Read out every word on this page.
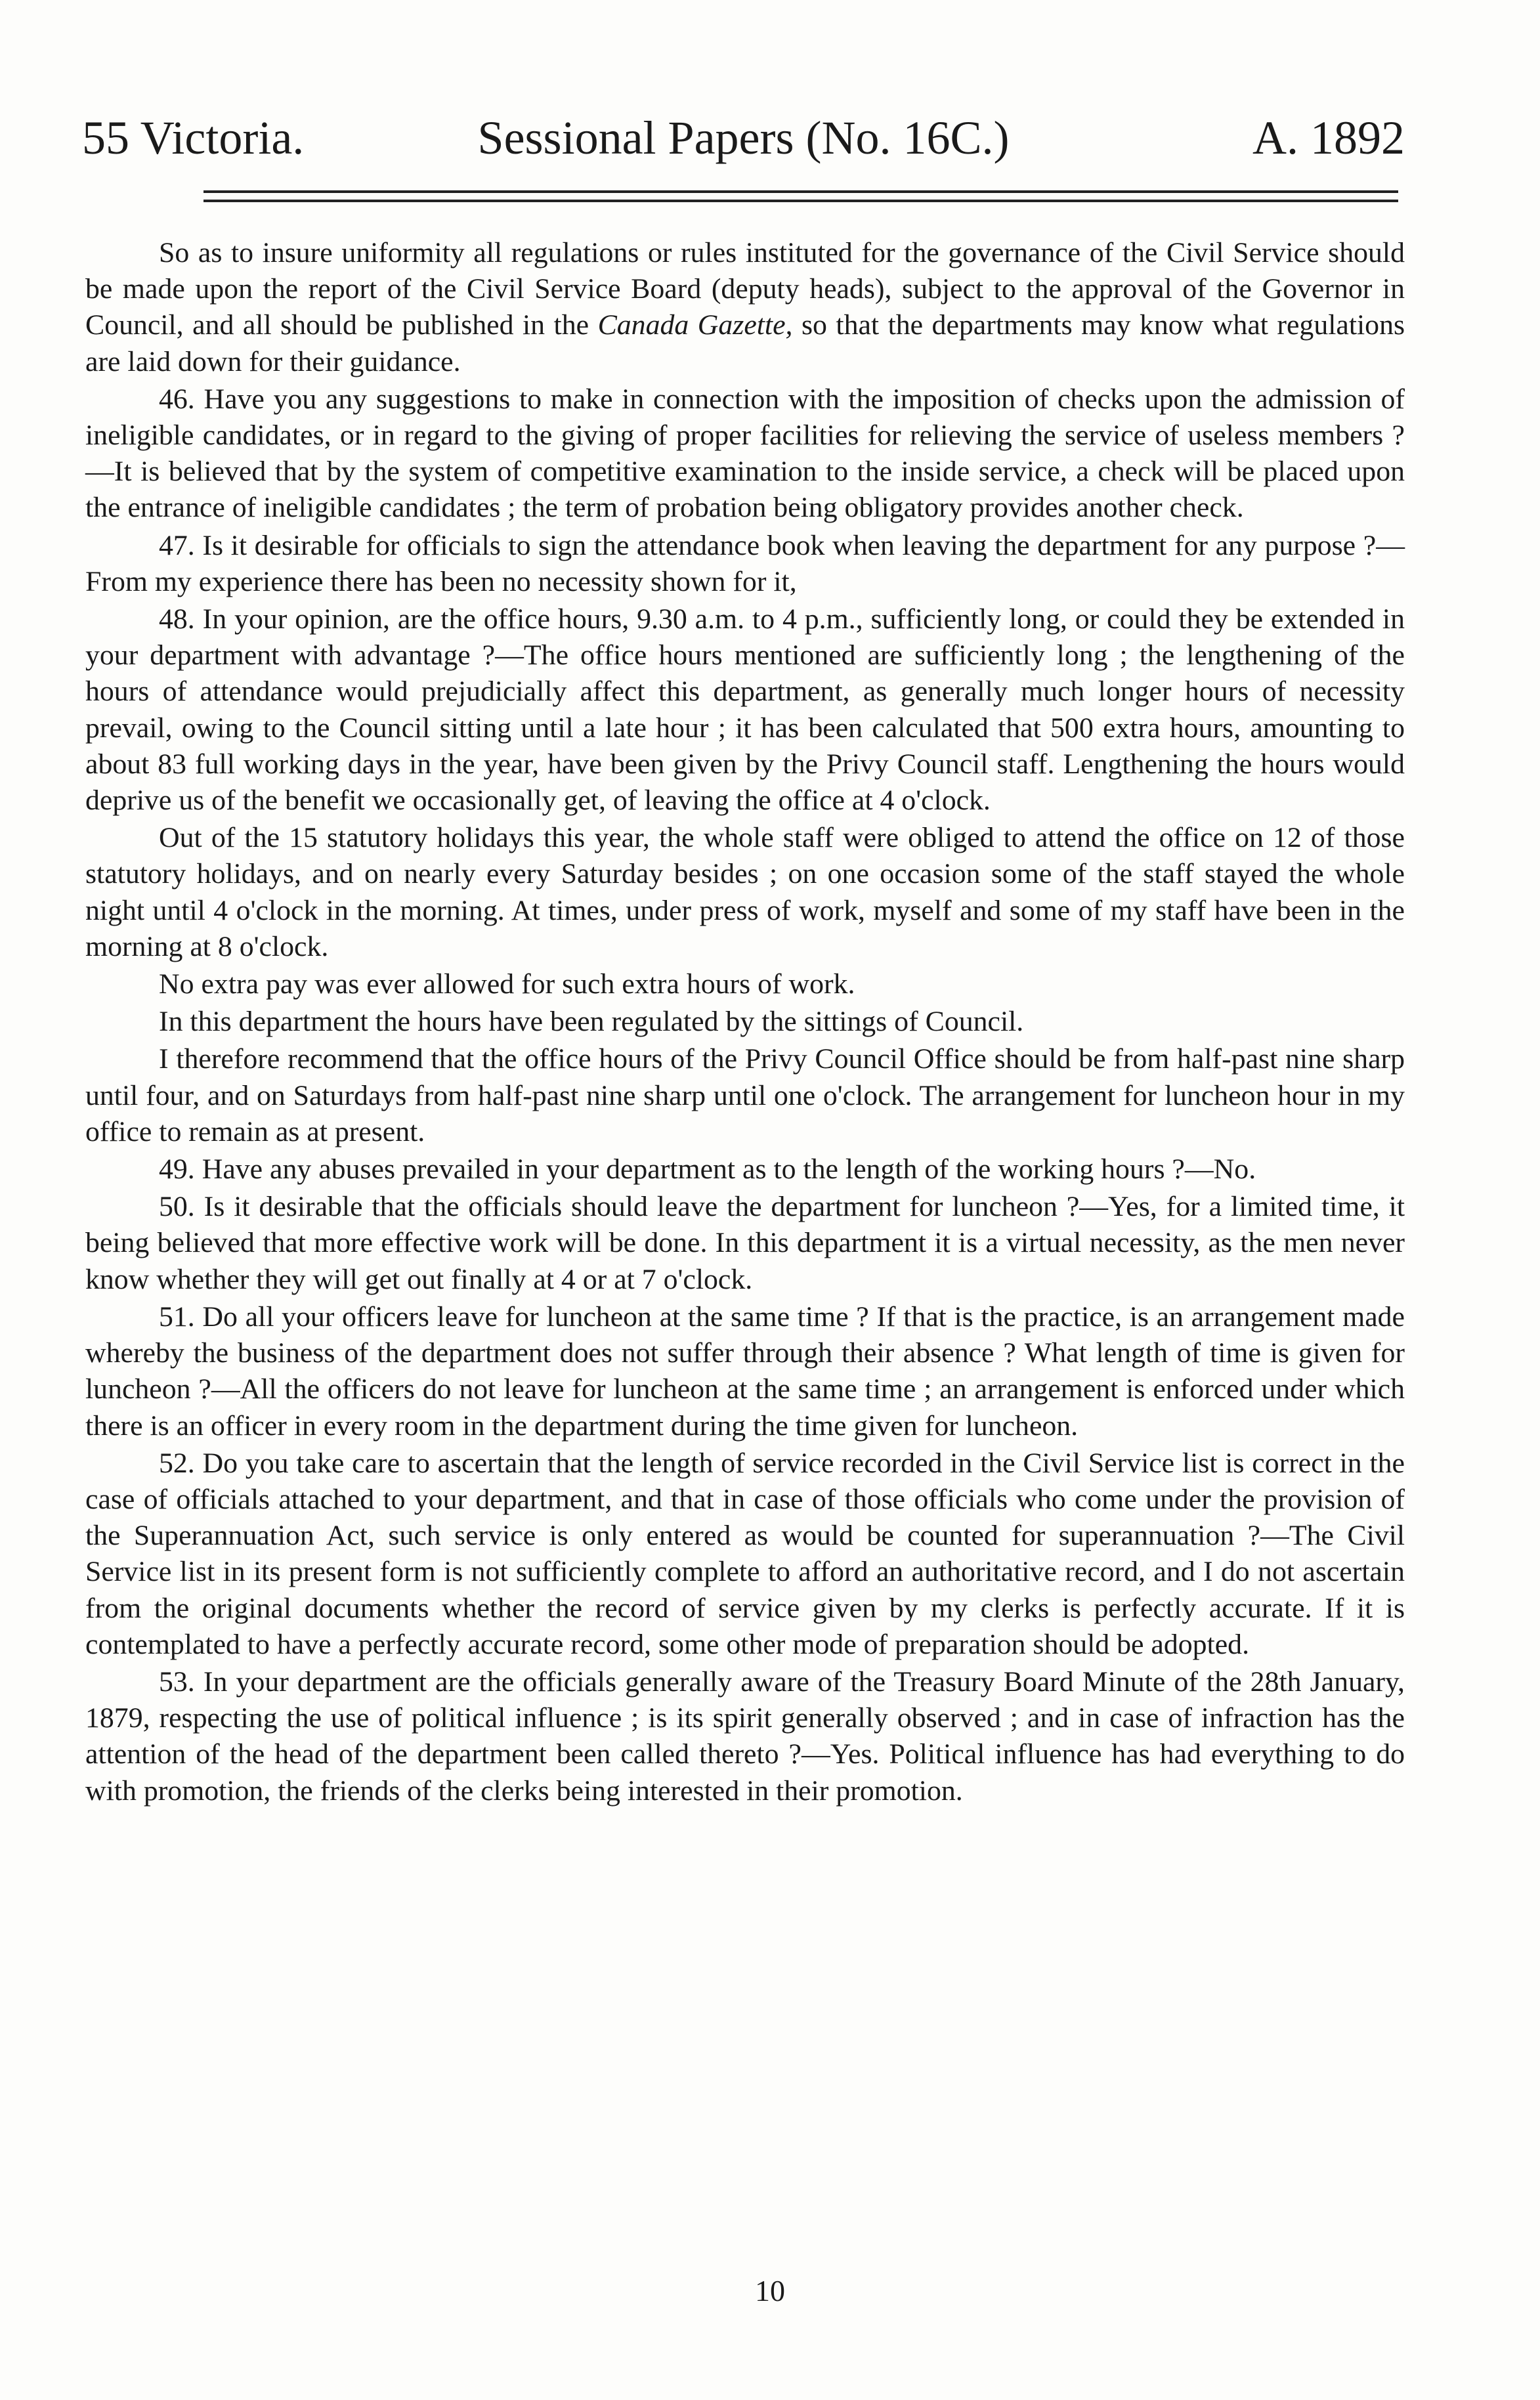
Sessional Papers (No. 16C.)
55 Victoria.	A. 1892

So as to insure uniformity all regulations or rules instituted for the governance of the Civil Service should be made upon the report of the Civil Service Board (deputy heads), subject to the approval of the Governor in Council, and all should be published in the Canada Gazette, so that the departments may know what regulations are laid down for their guidance.

46. Have you any suggestions to make in connection with the imposition of checks upon the admission of ineligible candidates, or in regard to the giving of proper facilities for relieving the service of useless members ?—It is believed that by the system of competitive examination to the inside service, a check will be placed upon the entrance of ineligible candidates ; the term of probation being obligatory provides another check.

47. Is it desirable for officials to sign the attendance book when leaving the department for any purpose ?—From my experience there has been no necessity shown for it,

48. In your opinion, are the office hours, 9.30 a.m. to 4 p.m., sufficiently long, or could they be extended in your department with advantage ?—The office hours mentioned are sufficiently long ; the lengthening of the hours of attendance would prejudicially affect this department, as generally much longer hours of necessity prevail, owing to the Council sitting until a late hour ; it has been calculated that 500 extra hours, amounting to about 83 full working days in the year, have been given by the Privy Council staff. Lengthening the hours would deprive us of the benefit we occasionally get, of leaving the office at 4 o'clock.

Out of the 15 statutory holidays this year, the whole staff were obliged to attend the office on 12 of those statutory holidays, and on nearly every Saturday besides ; on one occasion some of the staff stayed the whole night until 4 o'clock in the morning. At times, under press of work, myself and some of my staff have been in the morning at 8 o'clock.

No extra pay was ever allowed for such extra hours of work.

In this department the hours have been regulated by the sittings of Council.

I therefore recommend that the office hours of the Privy Council Office should be from half-past nine sharp until four, and on Saturdays from half-past nine sharp until one o'clock. The arrangement for luncheon hour in my office to remain as at present.

49. Have any abuses prevailed in your department as to the length of the working hours ?—No.

50. Is it desirable that the officials should leave the department for luncheon ?—Yes, for a limited time, it being believed that more effective work will be done. In this department it is a virtual necessity, as the men never know whether they will get out finally at 4 or at 7 o'clock.

51. Do all your officers leave for luncheon at the same time ? If that is the practice, is an arrangement made whereby the business of the department does not suffer through their absence ? What length of time is given for luncheon ?—All the officers do not leave for luncheon at the same time ; an arrangement is enforced under which there is an officer in every room in the department during the time given for luncheon.

52. Do you take care to ascertain that the length of service recorded in the Civil Service list is correct in the case of officials attached to your department, and that in case of those officials who come under the provision of the Superannuation Act, such service is only entered as would be counted for superannuation ?—The Civil Service list in its present form is not sufficiently complete to afford an authoritative record, and I do not ascertain from the original documents whether the record of service given by my clerks is perfectly accurate. If it is contemplated to have a perfectly accurate record, some other mode of preparation should be adopted.

53. In your department are the officials generally aware of the Treasury Board Minute of the 28th January, 1879, respecting the use of political influence ; is its spirit generally observed ; and in case of infraction has the attention of the head of the department been called thereto ?—Yes. Political influence has had everything to do with promotion, the friends of the clerks being interested in their promotion.

10
